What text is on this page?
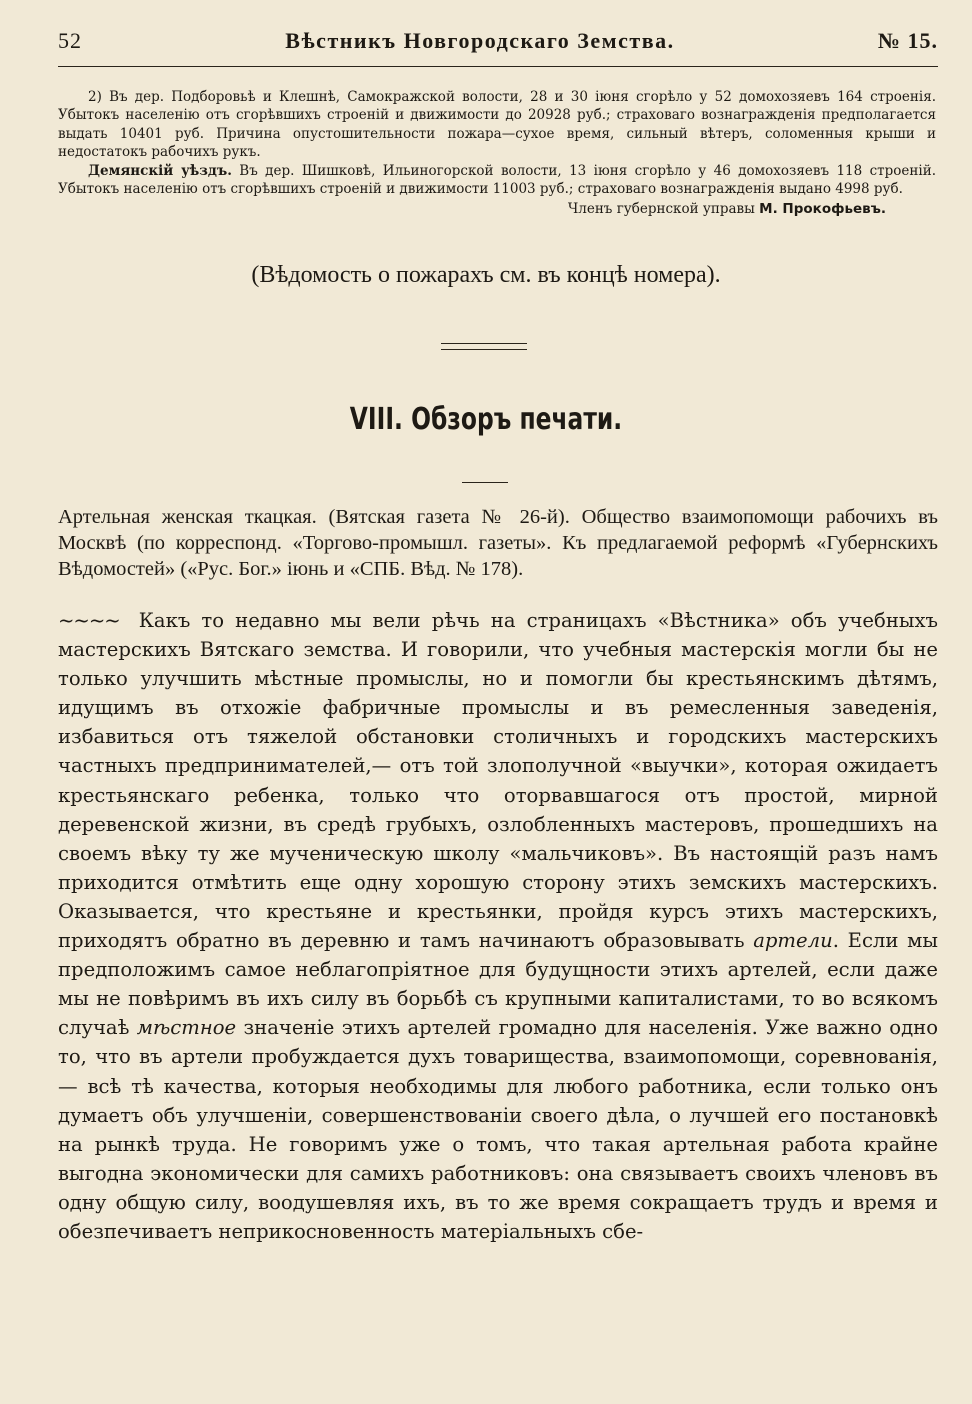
52	Вѣстникъ Новгородскаго Земства.	№ 15.

2) Въ дер. Подборовьѣ и Клешнѣ, Самокражской волости, 28 и 30 іюня сгорѣло у 52 домохозяевъ 164 строенія. Убытокъ населенію отъ сгорѣвшихъ строеній и движимости до 20928 руб.; страховаго вознагражденія предполагается выдать 10401 руб. Причина опустошительности пожара—сухое время, сильный вѣтеръ, соломенныя крыши и недостатокъ рабочихъ рукъ.

Демянскій уѣздъ. Въ дер. Шишковѣ, Ильиногорской волости, 13 іюня сгорѣло у 46 домохозяевъ 118 строеній. Убытокъ населенію отъ сгорѣвшихъ строеній и движимости 11003 руб.; страховаго вознагражденія выдано 4998 руб.

Членъ губернской управы М. Прокофьевъ.
(Вѣдомость о пожарахъ см. въ концѣ номера).
VIII. Обзоръ печати.
Артельная женская ткацкая. (Вятская газета № 26-й). Общество взаимопомощи рабочихъ въ Москвѣ (по корреспонд. «Торгово-промышл. газеты». Къ предлагаемой реформѣ «Губернскихъ Вѣдомостей» («Рус. Бог.» іюнь и «СПБ. Вѣд. № 178).

~~~~ Какъ то недавно мы вели рѣчь на страницахъ «Вѣстника» объ учебныхъ мастерскихъ Вятскаго земства. И говорили, что учебныя мастерскія могли бы не только улучшить мѣстные промыслы, но и помогли бы крестьянскимъ дѣтямъ, идущимъ въ отхожіе фабричные промыслы и въ ремесленныя заведенія, избавиться отъ тяжелой обстановки столичныхъ и городскихъ мастерскихъ частныхъ предпринимателей,— отъ той злополучной «выучки», которая ожидаетъ крестьянскаго ребенка, только что оторвавшагося отъ простой, мирной деревенской жизни, въ средѣ грубыхъ, озлобленныхъ мастеровъ, прошедшихъ на своемъ вѣку ту же мученическую школу «мальчиковъ». Въ настоящій разъ намъ приходится отмѣтить еще одну хорошую сторону этихъ земскихъ мастерскихъ. Оказывается, что крестьяне и крестьянки, пройдя курсъ этихъ мастерскихъ, приходятъ обратно въ деревню и тамъ начинаютъ образовывать артели. Если мы предположимъ самое неблагопріятное для будущности этихъ артелей, если даже мы не повѣримъ въ ихъ силу въ борьбѣ съ крупными капиталистами, то во всякомъ случаѣ мѣстное значеніе этихъ артелей громадно для населенія. Уже важно одно то, что въ артели пробуждается духъ товарищества, взаимопомощи, соревнованія,— всѣ тѣ качества, которыя необходимы для любого работника, если только онъ думаетъ объ улучшеніи, совершенствованіи своего дѣла, о лучшей его постановкѣ на рынкѣ труда. Не говоримъ уже о томъ, что такая артельная работа крайне выгодна экономически для самихъ работниковъ: она связываетъ своихъ членовъ въ одну общую силу, воодушевляя ихъ, въ то же время сокращаетъ трудъ и время и обезпечиваетъ неприкосновенность матеріальныхъ сбе-
